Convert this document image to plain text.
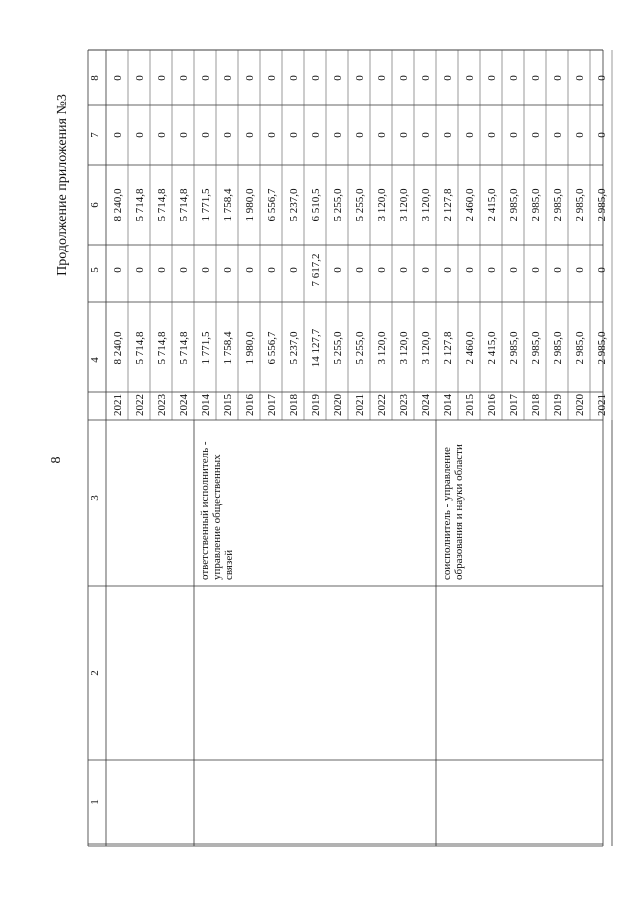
8
Продолжение приложения №3
1
2
3
4
5
6
7
8
2021
8 240,0
0
8 240,0
0
0
2022
5 714,8
0
5 714,8
0
0
2023
5 714,8
0
5 714,8
0
0
2024
5 714,8
0
5 714,8
0
0
2014
1 771,5
0
1 771,5
0
0
2015
1 758,4
0
1 758,4
0
0
2016
1 980,0
0
1 980,0
0
0
2017
6 556,7
0
6 556,7
0
0
2018
5 237,0
0
5 237,0
0
0
2019
14 127,7
7 617,2
6 510,5
0
0
2020
5 255,0
0
5 255,0
0
0
2021
5 255,0
0
5 255,0
0
0
2022
3 120,0
0
3 120,0
0
0
2023
3 120,0
0
3 120,0
0
0
2024
3 120,0
0
3 120,0
0
0
ответственный исполнитель - управление общественных связей
2014
2 127,8
0
2 127,8
0
0
2015
2 460,0
0
2 460,0
0
0
2016
2 415,0
0
2 415,0
0
0
2017
2 985,0
0
2 985,0
0
0
2018
2 985,0
0
2 985,0
0
0
2019
2 985,0
0
2 985,0
0
0
2020
2 985,0
0
2 985,0
0
0
2021
2 985,0
0
2 985,0
0
0
соисполнитель - управление образования и науки области
